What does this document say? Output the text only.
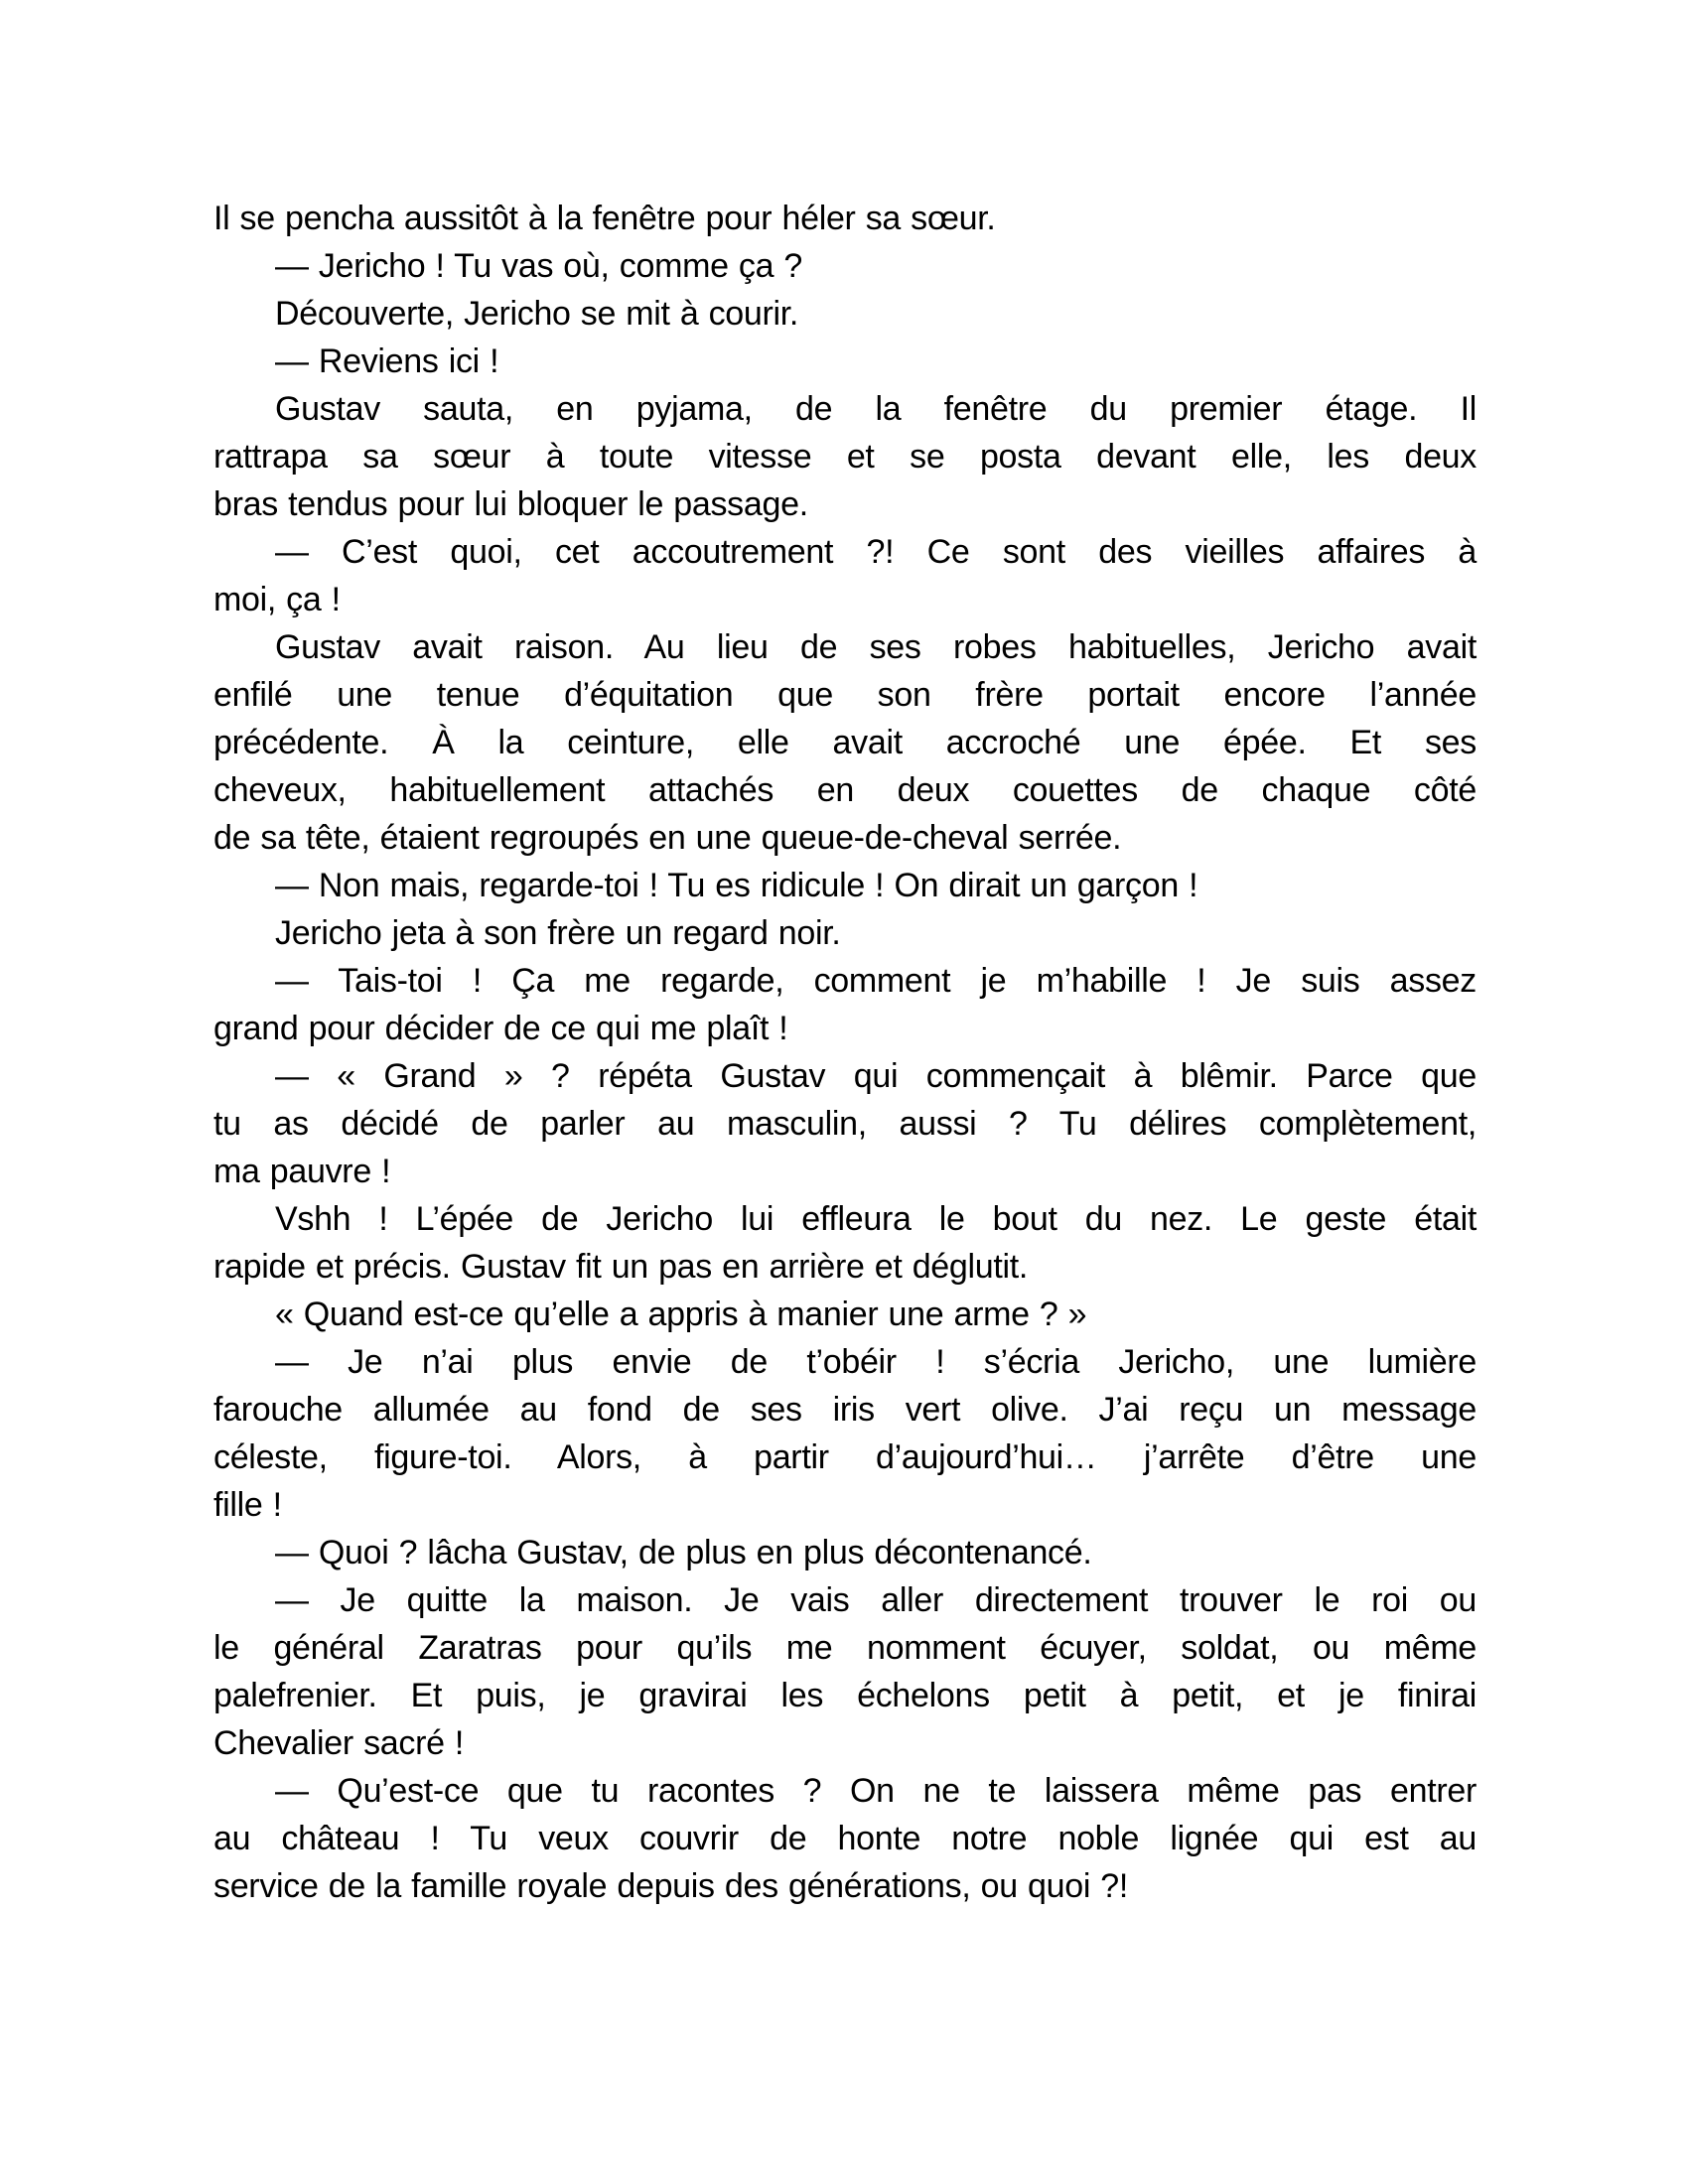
Il se pencha aussitôt à la fenêtre pour héler sa sœur.
— Jericho ! Tu vas où, comme ça ?
Découverte, Jericho se mit à courir.
— Reviens ici !
Gustav sauta, en pyjama, de la fenêtre du premier étage. Il
rattrapa sa sœur à toute vitesse et se posta devant elle, les deux
bras tendus pour lui bloquer le passage.
— C’est quoi, cet accoutrement ?! Ce sont des vieilles affaires à
moi, ça !
Gustav avait raison. Au lieu de ses robes habituelles, Jericho avait
enfilé une tenue d’équitation que son frère portait encore l’année
précédente. À la ceinture, elle avait accroché une épée. Et ses
cheveux, habituellement attachés en deux couettes de chaque côté
de sa tête, étaient regroupés en une queue-de-cheval serrée.
— Non mais, regarde-toi ! Tu es ridicule ! On dirait un garçon !
Jericho jeta à son frère un regard noir.
— Tais-toi ! Ça me regarde, comment je m’habille ! Je suis assez
grand pour décider de ce qui me plaît !
— « Grand » ? répéta Gustav qui commençait à blêmir. Parce que
tu as décidé de parler au masculin, aussi ? Tu délires complètement,
ma pauvre !
Vshh ! L’épée de Jericho lui effleura le bout du nez. Le geste était
rapide et précis. Gustav fit un pas en arrière et déglutit.
« Quand est-ce qu’elle a appris à manier une arme ? »
— Je n’ai plus envie de t’obéir ! s’écria Jericho, une lumière
farouche allumée au fond de ses iris vert olive. J’ai reçu un message
céleste, figure-toi. Alors, à partir d’aujourd’hui… j’arrête d’être une
fille !
— Quoi ? lâcha Gustav, de plus en plus décontenancé.
— Je quitte la maison. Je vais aller directement trouver le roi ou
le général Zaratras pour qu’ils me nomment écuyer, soldat, ou même
palefrenier. Et puis, je gravirai les échelons petit à petit, et je finirai
Chevalier sacré !
— Qu’est-ce que tu racontes ? On ne te laissera même pas entrer
au château ! Tu veux couvrir de honte notre noble lignée qui est au
service de la famille royale depuis des générations, ou quoi ?!
